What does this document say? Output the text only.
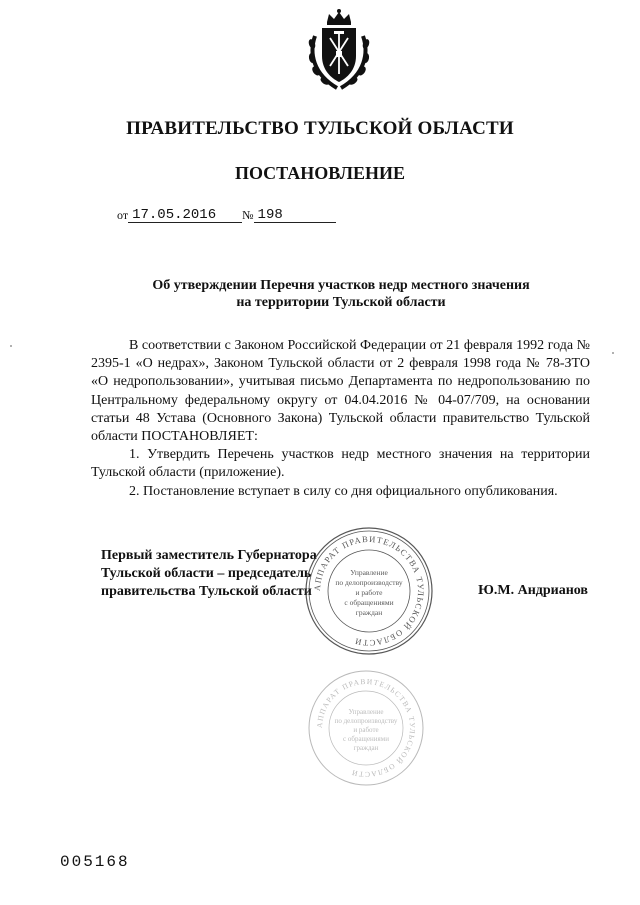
ПРАВИТЕЛЬСТВО ТУЛЬСКОЙ ОБЛАСТИ
ПОСТАНОВЛЕНИЕ
от 17.05.2016	№ 198
Об утверждении Перечня участков недр местного значения
на территории Тульской области

В соответствии с Законом Российской Федерации от 21 февраля 1992 года № 2395-1 «О недрах», Законом Тульской области от 2 февраля 1998 года № 78-ЗТО «О недропользовании», учитывая письмо Департамента по недропользованию по Центральному федеральному округу от 04.04.2016 № 04-07/709, на основании статьи 48 Устава (Основного Закона) Тульской области правительство Тульской области ПОСТАНОВЛЯЕТ:

1. Утвердить Перечень участков недр местного значения на территории Тульской области (приложение).

2. Постановление вступает в силу со дня официального опубликования.

Первый заместитель Губернатора
Тульской области – председатель
правительства Тульской области	Ю.М. Андрианов
АППАРАТ ПРАВИТЕЛЬСТВА ТУЛЬСКОЙ ОБЛАСТИ
Управление
по делопроизводству
и работе
с обращениями
граждан
АППАРАТ ПРАВИТЕЛЬСТВА ТУЛЬСКОЙ ОБЛАСТИ
Управление
по делопроизводству
и работе
с обращениями
граждан
005168
